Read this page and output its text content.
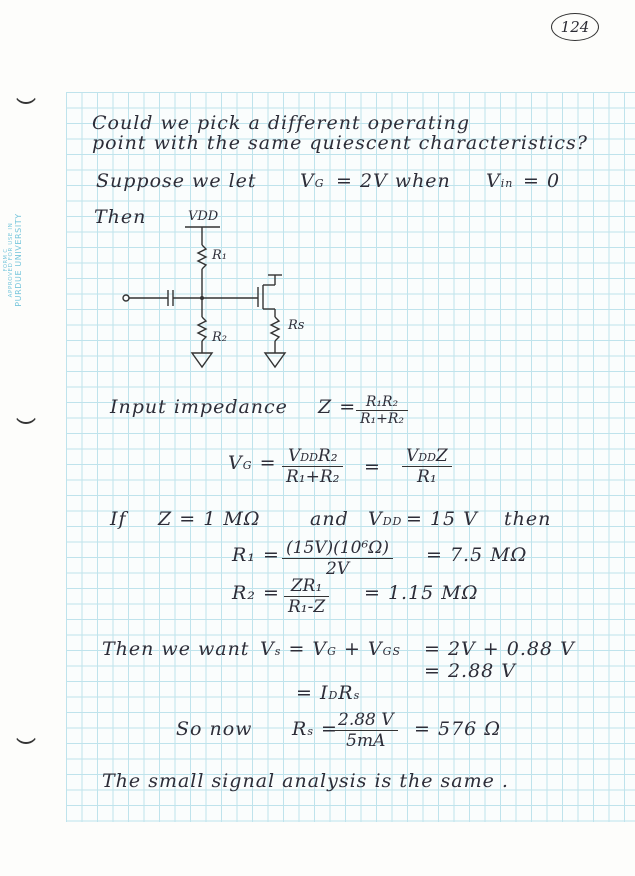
FORM C APPROVED FOR USE IN PURDUE UNIVERSITY
124
Could we pick a different operating
point with the same quiescent characteristics?
Suppose we let VG = 2V when Vin = 0
Then	VDD
R₁
R₂
Rs
Input impedance $Z = \frac{\text{R₁R₂}}{\text{R₁+R₂}}$
VG = VDDR₂
R₁+R₂ = VDDZ
R₁
If Z = 1 MΩ	and VDD = 15 V then
$R_1 = \frac{\text{(15V)(10⁶Ω)}}{2V} = 7.5$ MΩ
$R_2 = \frac{\text{ZR₁}}{\text{R₁-Z}} = 1.15$ MΩ
Then we want Vs = VG + VGS = 2V + 0.88 V
= 2.88 V
= IDRs
So now Rs =
$\frac{2.88 V}{5mA} = 576$ Ω
The small signal analysis is the same .
